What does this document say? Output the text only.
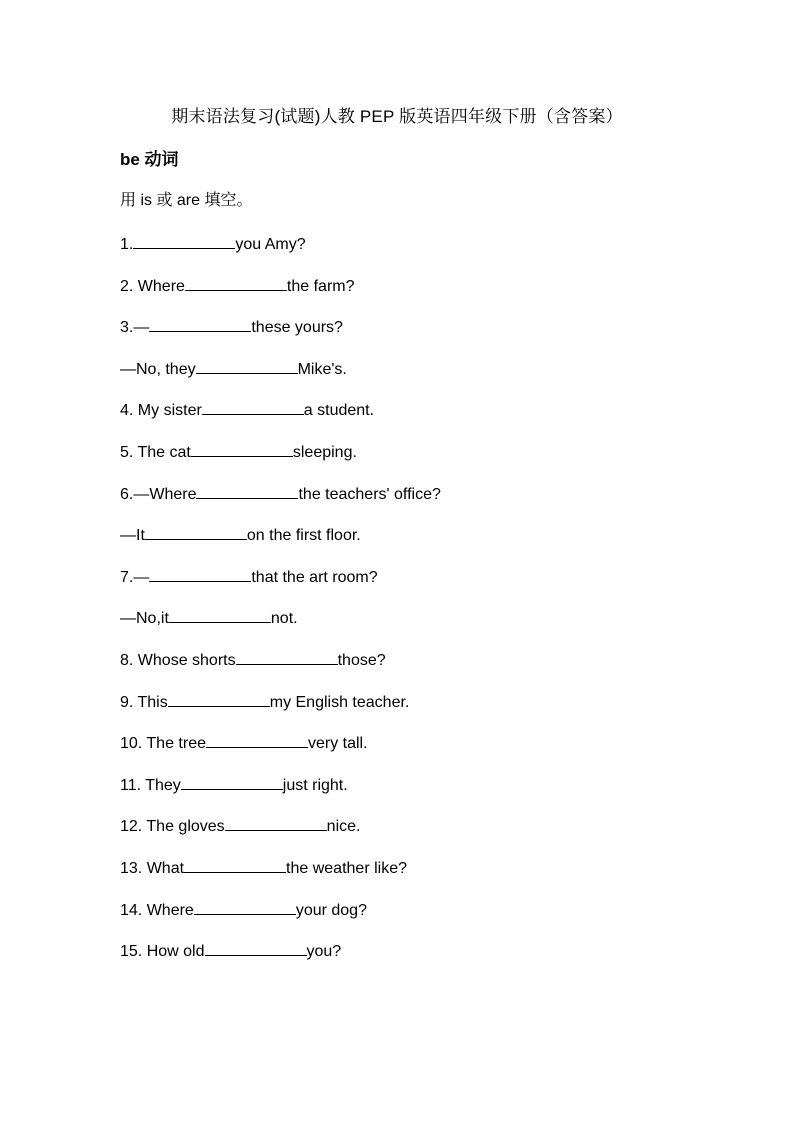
期末语法复习(试题)人教 PEP 版英语四年级下册（含答案）
be 动词
用 is 或 are 填空。
1.	you Amy?
2. Where	the farm?
3.—	these yours?
—No, they	Mike's.
4. My sister	a student.
5. The cat	sleeping.
6.—Where	the teachers' office?
—It	on the first floor.
7.—	that the art room?
—No,it	not.
8. Whose shorts	those?
9. This	my English teacher.
10. The tree	very tall.
11. They	just right.
12. The gloves	nice.
13. What	the weather like?
14. Where	your dog?
15. How old	you?
